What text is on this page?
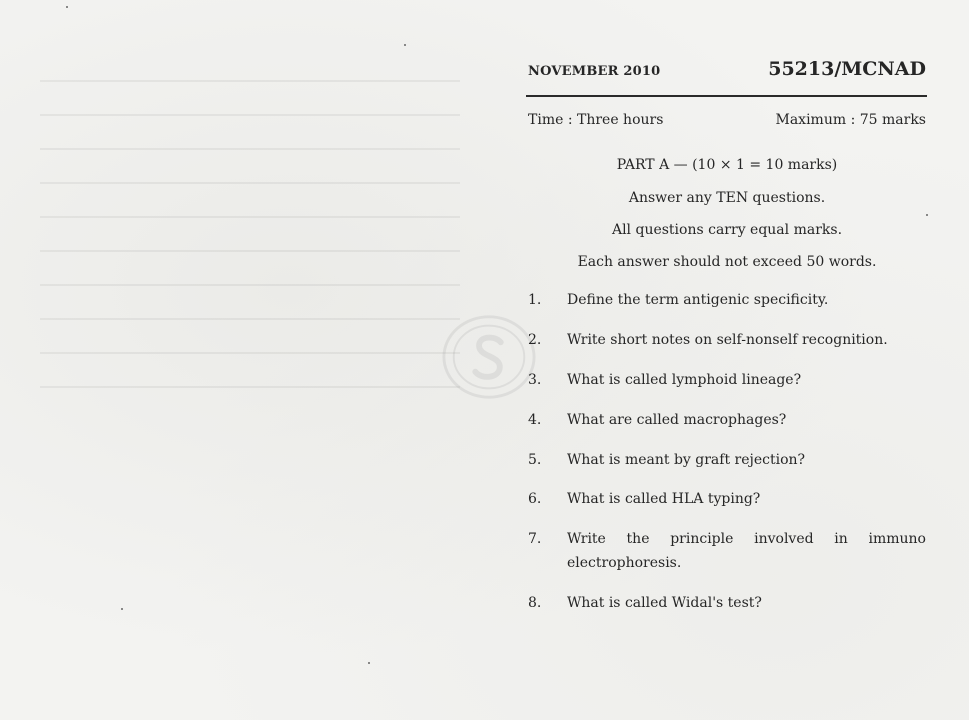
NOVEMBER 2010	55213/MCNAD
Time : Three hours	Maximum : 75 marks
PART A — (10 × 1 = 10 marks)
Answer any TEN questions.
All questions carry equal marks.
Each answer should not exceed 50 words.
1. Define the term antigenic specificity.
2. Write short notes on self-nonself recognition.
3. What is called lymphoid lineage?
4. What are called macrophages?
5. What is meant by graft rejection?
6. What is called HLA typing?
7. Write the principle involved in immuno electrophoresis.
8. What is called Widal's test?
